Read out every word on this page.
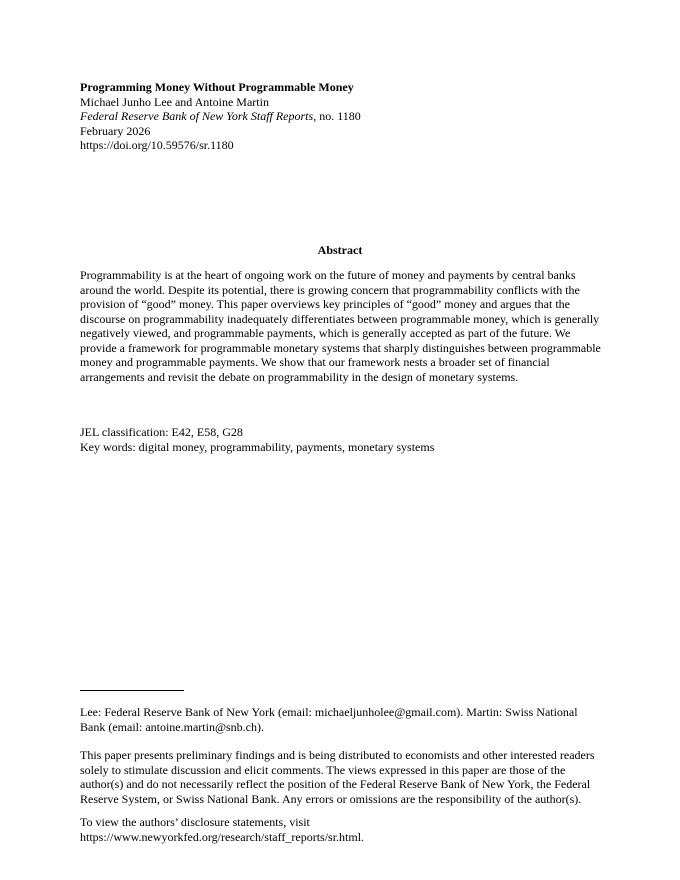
Programming Money Without Programmable Money
Michael Junho Lee and Antoine Martin
Federal Reserve Bank of New York Staff Reports, no. 1180
February 2026
https://doi.org/10.59576/sr.1180
Abstract
Programmability is at the heart of ongoing work on the future of money and payments by central banks around the world. Despite its potential, there is growing concern that programmability conflicts with the provision of “good” money. This paper overviews key principles of “good” money and argues that the discourse on programmability inadequately differentiates between programmable money, which is generally negatively viewed, and programmable payments, which is generally accepted as part of the future. We provide a framework for programmable monetary systems that sharply distinguishes between programmable money and programmable payments. We show that our framework nests a broader set of financial arrangements and revisit the debate on programmability in the design of monetary systems.
JEL classification: E42, E58, G28
Key words: digital money, programmability, payments, monetary systems

Lee: Federal Reserve Bank of New York (email: michaeljunholee@gmail.com). Martin: Swiss National Bank (email: antoine.martin@snb.ch).

This paper presents preliminary findings and is being distributed to economists and other interested readers solely to stimulate discussion and elicit comments. The views expressed in this paper are those of the author(s) and do not necessarily reflect the position of the Federal Reserve Bank of New York, the Federal Reserve System, or Swiss National Bank. Any errors or omissions are the responsibility of the author(s).

To view the authors’ disclosure statements, visit

https://www.newyorkfed.org/research/staff_reports/sr.html.
